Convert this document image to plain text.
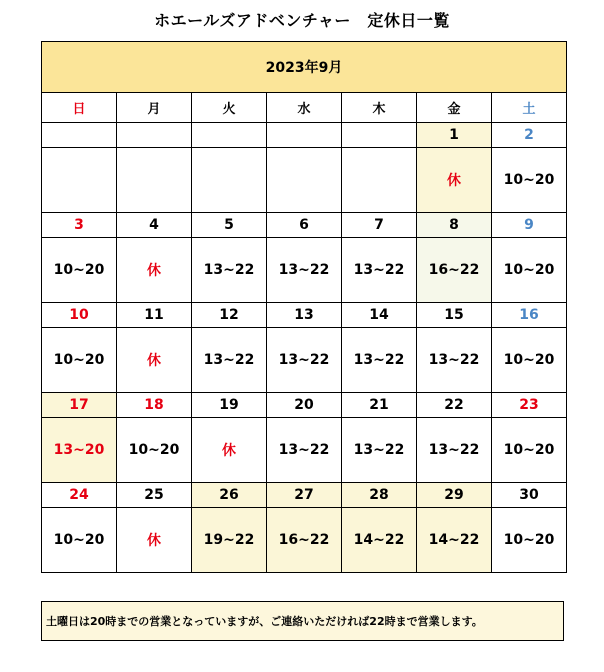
ホエールズアドベンチャー　定休日一覧
2023年9月						
日	月	火	水	木	金	土
					1	2
					休	10~20
3	4	5	6	7	8	9
10~20	休	13~22	13~22	13~22	16~22	10~20
10	11	12	13	14	15	16
10~20	休	13~22	13~22	13~22	13~22	10~20
17	18	19	20	21	22	23
13~20	10~20	休	13~22	13~22	13~22	10~20
24	25	26	27	28	29	30
10~20	休	19~22	16~22	14~22	14~22	10~20
土曜日は20時までの営業となっていますが、ご連絡いただければ22時まで営業します。
